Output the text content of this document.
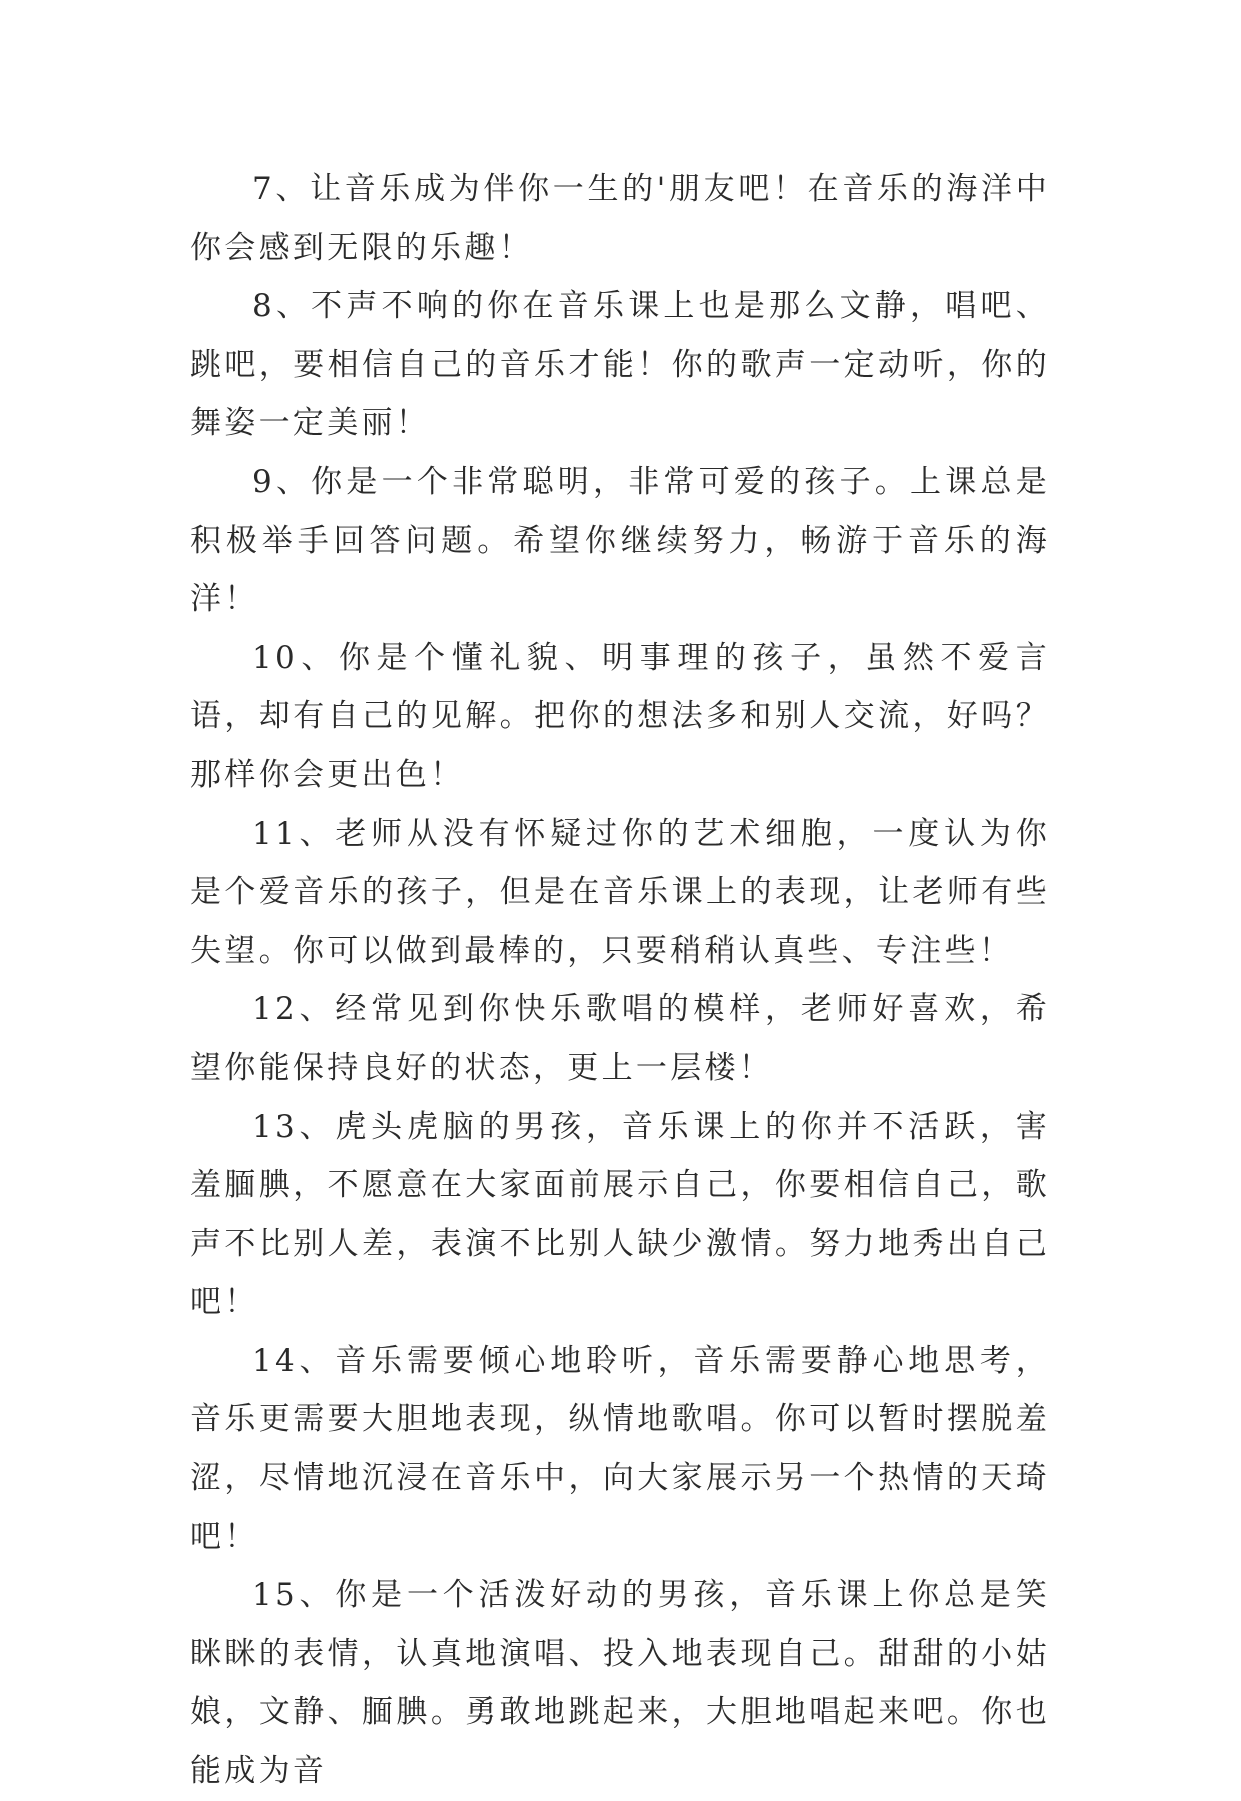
7、让音乐成为伴你一生的'朋友吧！在音乐的海洋中你会感到无限的乐趣！

8、不声不响的你在音乐课上也是那么文静，唱吧、跳吧，要相信自己的音乐才能！你的歌声一定动听，你的舞姿一定美丽！

9、你是一个非常聪明，非常可爱的孩子。上课总是积极举手回答问题。希望你继续努力，畅游于音乐的海洋！

10、你是个懂礼貌、明事理的孩子，虽然不爱言语，却有自己的见解。把你的想法多和别人交流，好吗？那样你会更出色！

11、老师从没有怀疑过你的艺术细胞，一度认为你是个爱音乐的孩子，但是在音乐课上的表现，让老师有些失望。你可以做到最棒的，只要稍稍认真些、专注些！

12、经常见到你快乐歌唱的模样，老师好喜欢，希望你能保持良好的状态，更上一层楼！

13、虎头虎脑的男孩，音乐课上的你并不活跃，害羞腼腆，不愿意在大家面前展示自己，你要相信自己，歌声不比别人差，表演不比别人缺少激情。努力地秀出自己吧！

14、音乐需要倾心地聆听，音乐需要静心地思考，音乐更需要大胆地表现，纵情地歌唱。你可以暂时摆脱羞涩，尽情地沉浸在音乐中，向大家展示另一个热情的天琦吧！

15、你是一个活泼好动的男孩，音乐课上你总是笑眯眯的表情，认真地演唱、投入地表现自己。甜甜的小姑娘，文静、腼腆。勇敢地跳起来，大胆地唱起来吧。你也能成为音
